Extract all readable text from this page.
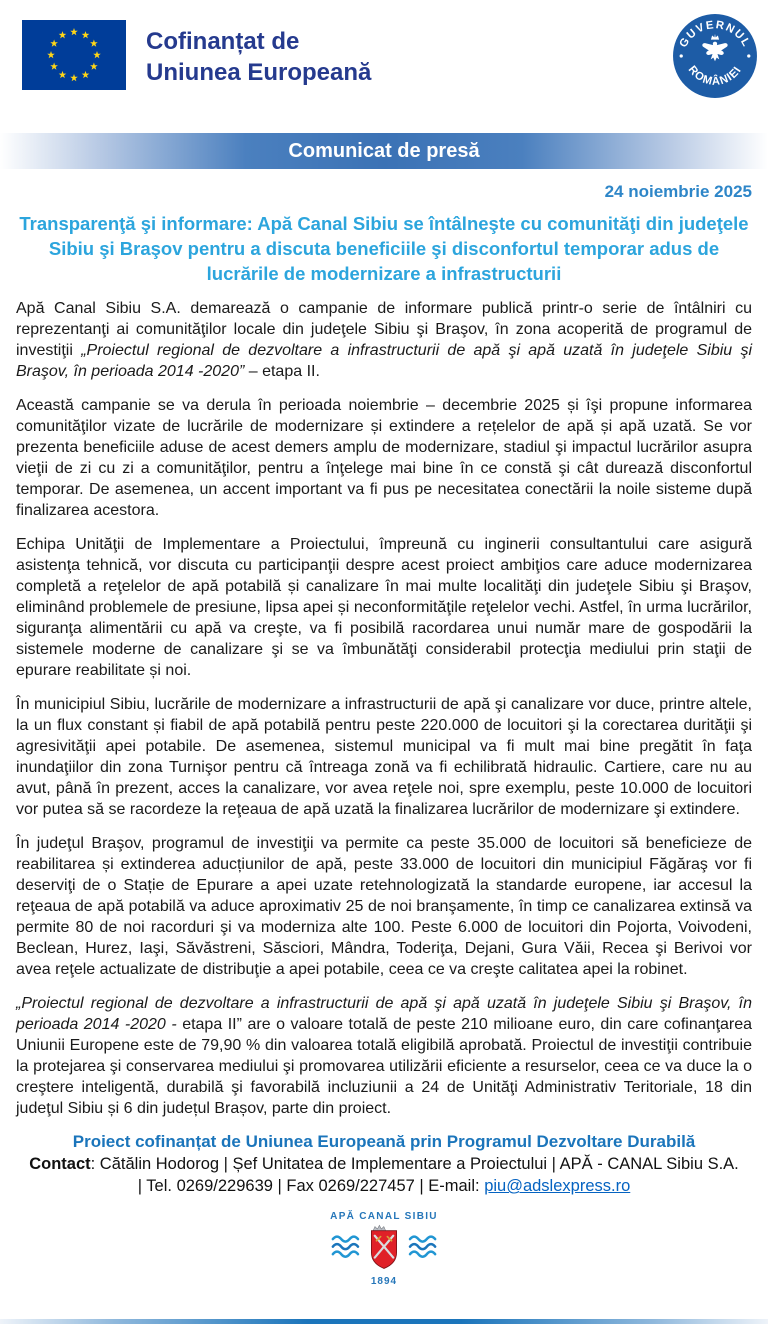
Cofinanțat de
Uniunea Europeană
GUVERNUL
ROMÂNIEI
Comunicat de presă
24 noiembrie 2025
Transparenţă şi informare: Apă Canal Sibiu se întâlneşte cu comunităţi din judeţele Sibiu şi Braşov pentru a discuta beneficiile şi disconfortul temporar adus de lucrările de modernizare a infrastructurii

Apă Canal Sibiu S.A. demarează o campanie de informare publică printr-o serie de întâlniri cu reprezentanţi ai comunităţilor locale din judeţele Sibiu şi Braşov, în zona acoperită de programul de investiţii „Proiectul regional de dezvoltare a infrastructurii de apă şi apă uzată în judeţele Sibiu şi Braşov, în perioada 2014 -2020” – etapa II.

Această campanie se va derula în perioada noiembrie – decembrie 2025 și îşi propune informarea comunităţilor vizate de lucrările de modernizare și extindere a rețelelor de apă și apă uzată. Se vor prezenta beneficiile aduse de acest demers amplu de modernizare, stadiul şi impactul lucrărilor asupra vieţii de zi cu zi a comunităţilor, pentru a înţelege mai bine în ce constă şi cât durează disconfortul temporar. De asemenea, un accent important va fi pus pe necesitatea conectării la noile sisteme după finalizarea acestora.

Echipa Unităţii de Implementare a Proiectului, împreună cu inginerii consultantului care asigură asistenţa tehnică, vor discuta cu participanţii despre acest proiect ambiţios care aduce modernizarea completă a reţelelor de apă potabilă și canalizare în mai multe localităţi din judeţele Sibiu şi Braşov, eliminând problemele de presiune, lipsa apei și neconformităţile reţelelor vechi. Astfel, în urma lucrărilor, siguranţa alimentării cu apă va creşte, va fi posibilă racordarea unui număr mare de gospodării la sistemele moderne de canalizare şi se va îmbunătăţi considerabil protecţia mediului prin staţii de epurare reabilitate și noi.

În municipiul Sibiu, lucrările de modernizare a infrastructurii de apă şi canalizare vor duce, printre altele, la un flux constant și fiabil de apă potabilă pentru peste 220.000 de locuitori şi la corectarea durităţii şi agresivităţii apei potabile. De asemenea, sistemul municipal va fi mult mai bine pregătit în faţa inundaţiilor din zona Turnişor pentru că întreaga zonă va fi echilibrată hidraulic. Cartiere, care nu au avut, până în prezent, acces la canalizare, vor avea reţele noi, spre exemplu, peste 10.000 de locuitori vor putea să se racordeze la reţeaua de apă uzată la finalizarea lucrărilor de modernizare şi extindere.

În judeţul Braşov, programul de investiţii va permite ca peste 35.000 de locuitori să beneficieze de reabilitarea și extinderea aducțiunilor de apă, peste 33.000 de locuitori din municipiul Făgăraş vor fi deserviţi de o Stație de Epurare a apei uzate retehnologizată la standarde europene, iar accesul la reţeaua de apă potabilă va aduce aproximativ 25 de noi branşamente, în timp ce canalizarea extinsă va permite 80 de noi racorduri şi va moderniza alte 100. Peste 6.000 de locuitori din Pojorta, Voivodeni, Beclean, Hurez, Iaşi, Săvăstreni, Săsciori, Mândra, Toderiţa, Dejani, Gura Văii, Recea şi Berivoi vor avea reţele actualizate de distribuţie a apei potabile, ceea ce va creşte calitatea apei la robinet.

„Proiectul regional de dezvoltare a infrastructurii de apă şi apă uzată în judeţele Sibiu şi Braşov, în perioada 2014 -2020 - etapa II” are o valoare totală de peste 210 milioane euro, din care cofinanţarea Uniunii Europene este de 79,90 % din valoarea totală eligibilă aprobată. Proiectul de investiţii contribuie la protejarea şi conservarea mediului şi promovarea utilizării eficiente a resurselor, ceea ce va duce la o creştere inteligentă, durabilă şi favorabilă incluziunii a 24 de Unităţi Administrativ Teritoriale, 18 din judeţul Sibiu și 6 din județul Brașov, parte din proiect.

Proiect cofinanțat de Uniunea Europeană prin Programul Dezvoltare Durabilă
Contact: Cătălin Hodorog | Șef Unitatea de Implementare a Proiectului | APĂ - CANAL Sibiu S.A. | Tel. 0269/229639 | Fax 0269/227457 | E-mail: piu@adslexpress.ro
APĂ CANAL SIBIU
1894
